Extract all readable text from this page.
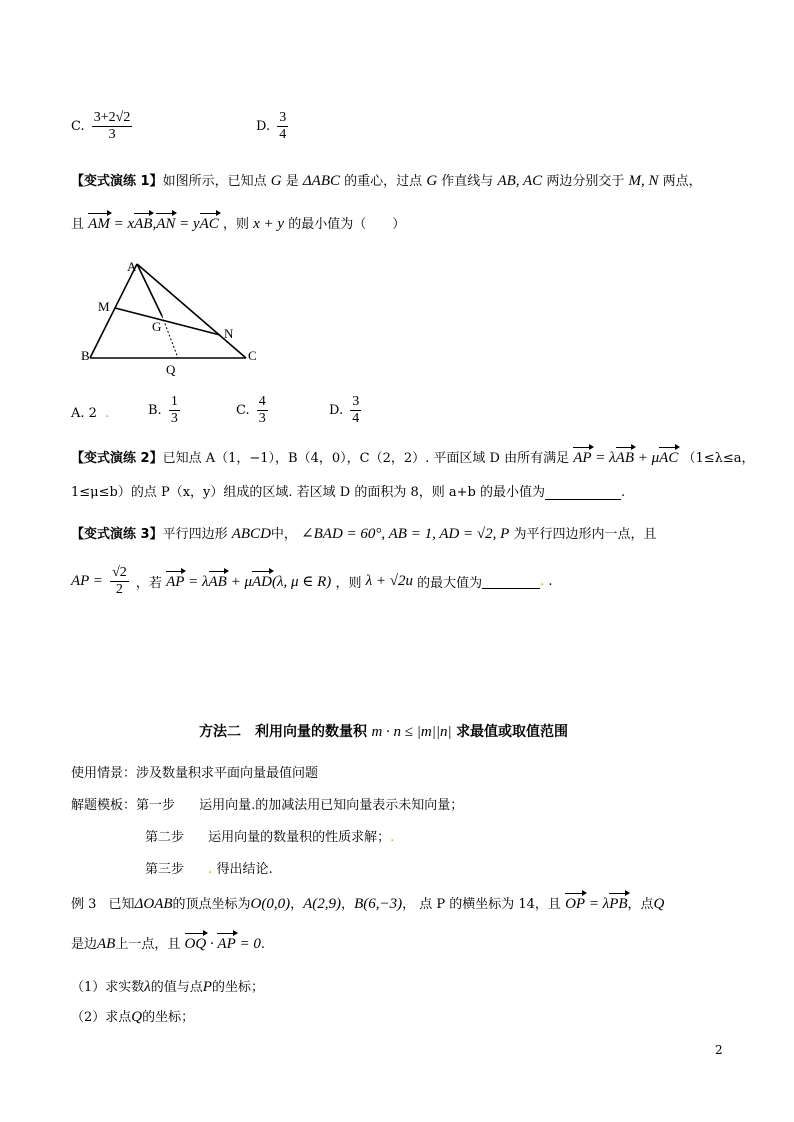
C. $\frac{3+2√2}{3}$	D. $\frac{3}{4}$
【变式演练 1】如图所示，已知点 G 是 ΔABC 的重心，过点 G 作直线与 AB, AC 两边分别交于 M, N 两点，
且 AM = xAB,AN = yAC ，则 x + y 的最小值为（　　）
A
M
G	N
B	C
Q
A. 2 .	B. $\frac{1}{3}$	C. $\frac{4}{3}$	D. $\frac{3}{4}$
【变式演练 2】已知点 A（1，−1），B（4，0），C（2，2）. 平面区域 D 由所有满足 AP = λAB + μAC （1≤λ≤a，
1≤μ≤b）的点 P（x，y）组成的区域. 若区域 D 的面积为 8，则 a+b 的最小值为	.
【变式演练 3】平行四边形 ABCD中， ∠BAD = 60°, AB = 1, AD = √2, P 为平行四边形内一点，且
AP = $\frac{√2}{2}$ ，若 AP = λAB + μAD(λ, μ ∈ R) ，则 λ + √2u 的最大值为	. .
方法二　利用向量的数量积 m · n ≤ |m||n| 求最值或取值范围
使用情景：涉及数量积求平面向量最值问题
解题模板：第一步 运用向量.的加减法用已知向量表示未知向量；
第二步 运用向量的数量积的性质求解；.
第三步 . 得出结论.
例 3 已知ΔOAB的顶点坐标为O(0,0)，A(2,9)，B(6,−3)， 点 P 的横坐标为 14，且 OP = λPB，点Q
是边AB上一点，且 OQ · AP = 0.
（1）求实数λ的值与点P的坐标；
（2）求点Q的坐标；
2
